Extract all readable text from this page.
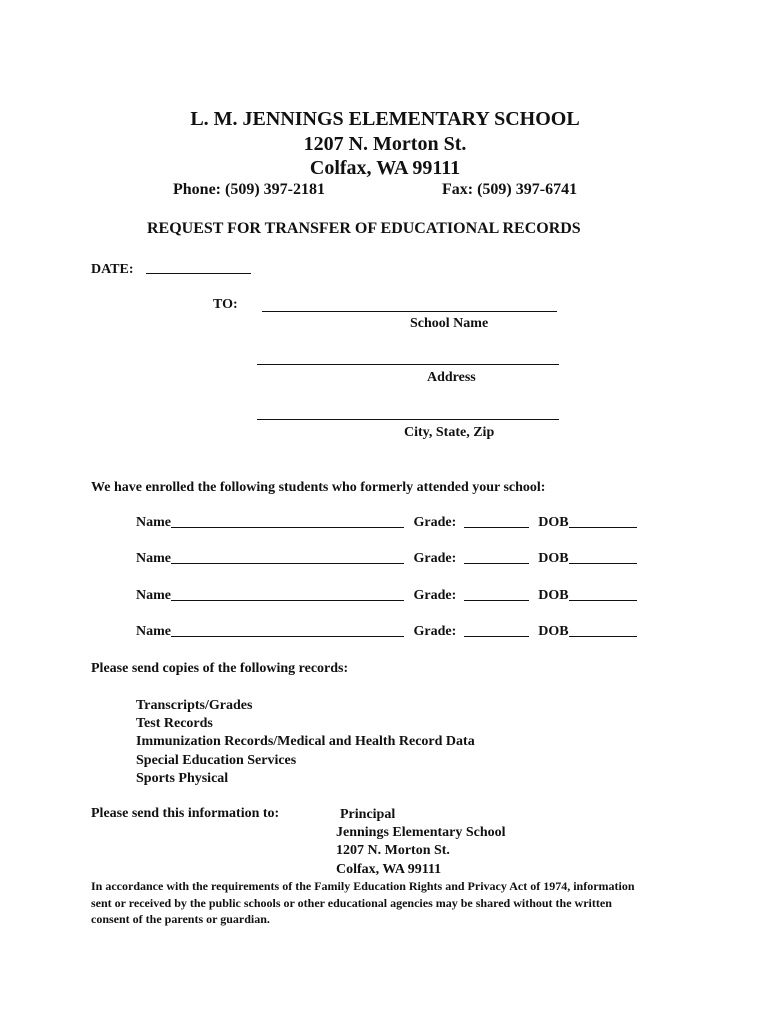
L. M. JENNINGS ELEMENTARY SCHOOL
1207 N. Morton St.
Colfax, WA 99111
Phone: (509) 397-2181	Fax: (509) 397-6741
REQUEST FOR TRANSFER OF EDUCATIONAL RECORDS
DATE:
TO:
School Name
Address
City, State, Zip
We have enrolled the following students who formerly attended your school:
Name	Grade:	DOB
Name	Grade:	DOB
Name	Grade:	DOB
Name	Grade:	DOB
Please send copies of the following records:
Transcripts/Grades
Test Records
Immunization Records/Medical and Health Record Data
Special Education Services
Sports Physical
Please send this information to:	Principal
Jennings Elementary School
1207 N. Morton St.
Colfax, WA 99111
In accordance with the requirements of the Family Education Rights and Privacy Act of 1974, information
sent or received by the public schools or other educational agencies may be shared without the written
consent of the parents or guardian.
